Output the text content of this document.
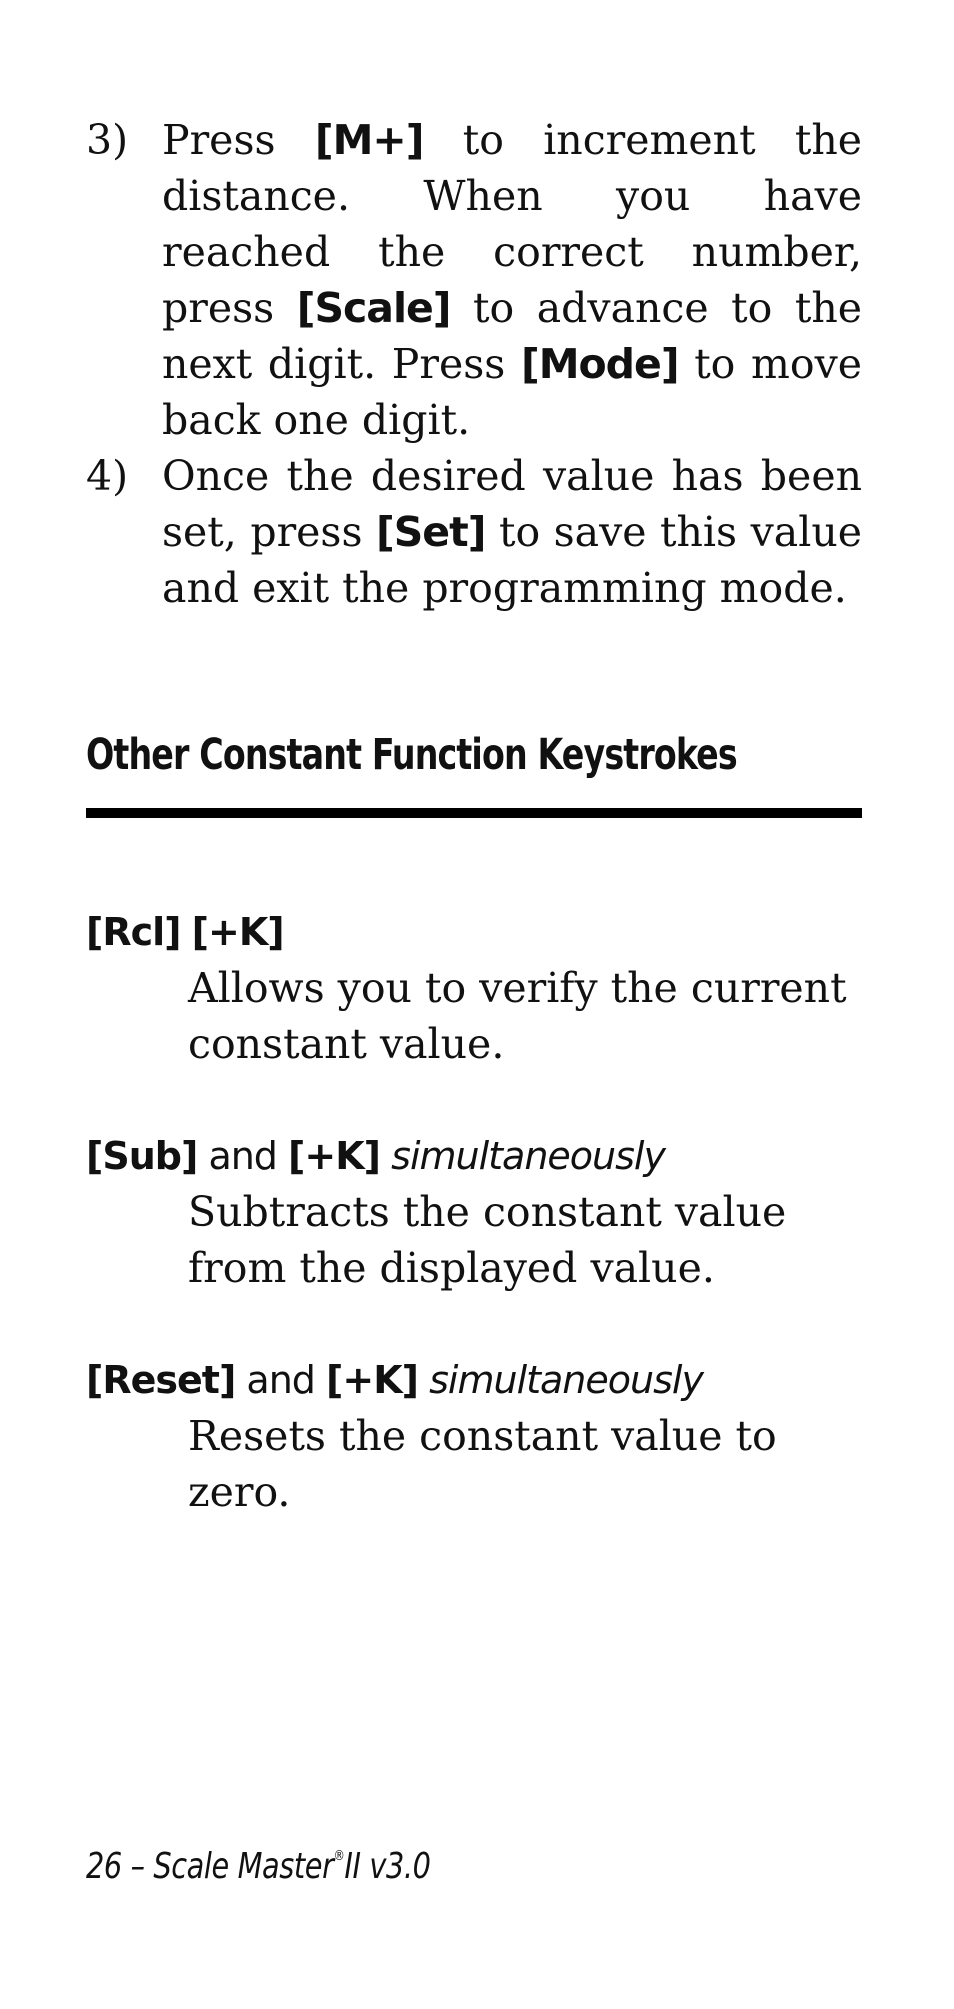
3) Press [M+] to increment the distance. When you have reached the correct number, press [Scale] to advance to the next digit. Press [Mode] to move back one digit.
4) Once the desired value has been set, press [Set] to save this value and exit the programming mode.
Other Constant Function Keystrokes
[Rcl] [+K]
Allows you to verify the current constant value.
[Sub] and [+K] simultaneously
Subtracts the constant value from the displayed value.
[Reset] and [+K] simultaneously
Resets the constant value to zero.
26 – Scale Master®II v3.0
